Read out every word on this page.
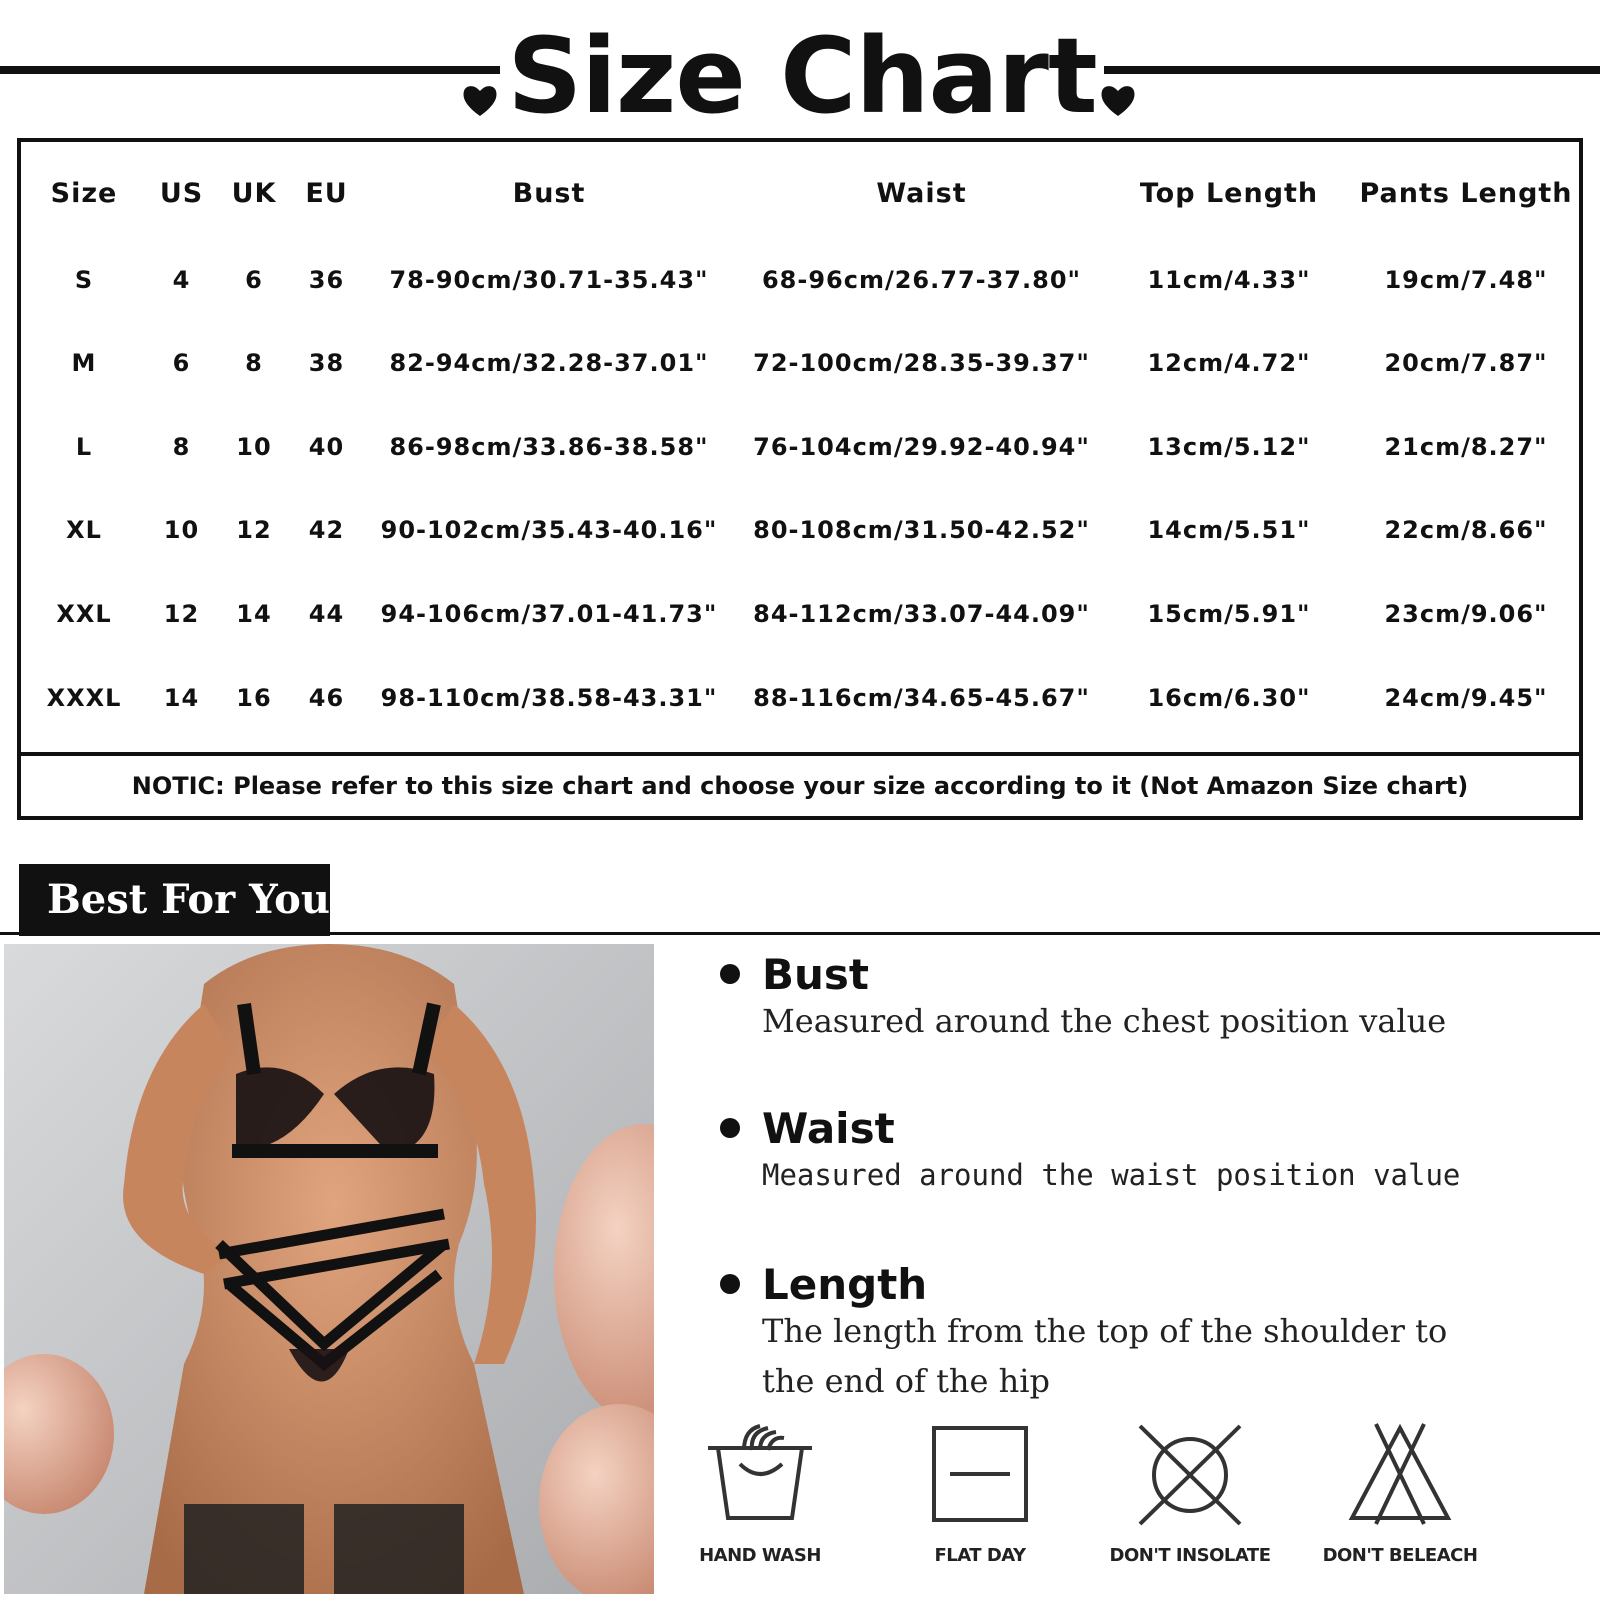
Size Chart
Size	US	UK	EU	Bust	Waist	Top Length	Pants Length
S	4	6	36	78-90cm/30.71-35.43"	68-96cm/26.77-37.80"	11cm/4.33"	19cm/7.48"
M	6	8	38	82-94cm/32.28-37.01"	72-100cm/28.35-39.37"	12cm/4.72"	20cm/7.87"
L	8	10	40	86-98cm/33.86-38.58"	76-104cm/29.92-40.94"	13cm/5.12"	21cm/8.27"
XL	10	12	42	90-102cm/35.43-40.16"	80-108cm/31.50-42.52"	14cm/5.51"	22cm/8.66"
XXL	12	14	44	94-106cm/37.01-41.73"	84-112cm/33.07-44.09"	15cm/5.91"	23cm/9.06"
XXXL	14	16	46	98-110cm/38.58-43.31"	88-116cm/34.65-45.67"	16cm/6.30"	24cm/9.45"
NOTIC: Please refer to this size chart and choose your size according to it (Not Amazon Size chart)
Best For You
Bust
Measured around the chest position value
Waist
Measured around the waist position value
Length
The length from the top of the shoulder to the end of the hip
HAND WASH	FLAT DAY	DON'T INSOLATE	DON'T BELEACH
